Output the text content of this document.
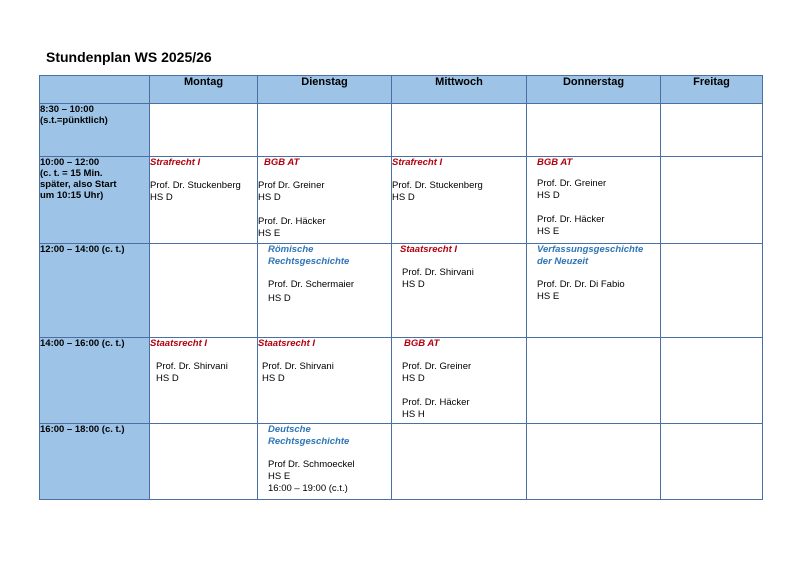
Stundenplan WS 2025/26
	Montag	Dienstag	Mittwoch	Donnerstag	Freitag

8:30 – 10:00
(s.t.=pünktlich)					

10:00 – 12:00
(c. t. = 15 Min.
später, also Start
um 10:15 Uhr)	Strafrecht I
Prof. Dr. Stuckenberg
HS D	BGB AT
Prof Dr. Greiner
HS D
Prof. Dr. Häcker
HS E	Strafrecht I
Prof. Dr. Stuckenberg
HS D	BGB AT
Prof. Dr. Greiner
HS D
Prof. Dr. Häcker
HS E	

12:00 – 14:00 (c. t.)		Römische Rechtsgeschichte
Prof. Dr. Schermaier
HS D	Staatsrecht I
Prof. Dr. Shirvani
HS D	Verfassungsgeschichte der Neuzeit
Prof. Dr. Dr. Di Fabio
HS E	

14:00 – 16:00 (c. t.)	Staatsrecht I
Prof. Dr. Shirvani
HS D	Staatsrecht I
Prof. Dr. Shirvani
HS D	BGB AT
Prof. Dr. Greiner
HS D
Prof. Dr. Häcker
HS H		

16:00 – 18:00 (c. t.)		Deutsche Rechtsgeschichte
Prof Dr. Schmoeckel
HS E
16:00 – 19:00 (c.t.)			
